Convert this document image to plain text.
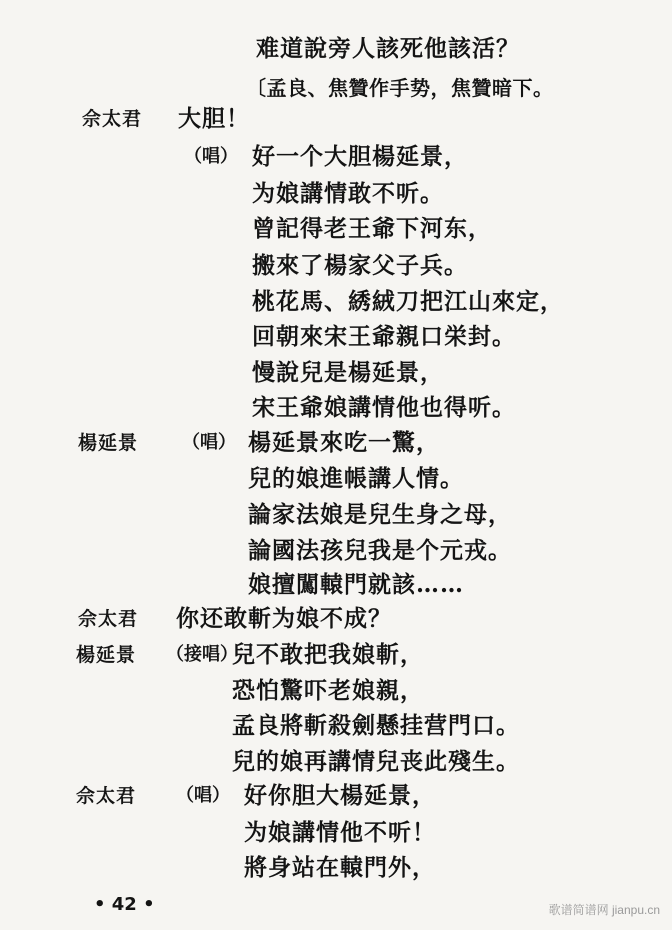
难道說旁人該死他該活？
〔孟良、焦贊作手势，焦贊暗下。
佘太君 大胆！
（唱） 好一个大胆楊延景，
为娘講情敢不听。
曾記得老王爺下河东，
搬來了楊家父子兵。
桃花馬、綉絨刀把江山來定，
回朝來宋王爺親口栄封。
慢說兒是楊延景，
宋王爺娘講情他也得听。
楊延景 （唱） 楊延景來吃一驚，
兒的娘進帳講人情。
論家法娘是兒生身之母，
論國法孩兒我是个元戎。
娘擅闖轅門就該……
佘太君 你还敢斬为娘不成？
楊延景 （接唱）
兒不敢把我娘斬，
恐怕驚吓老娘親，
孟良將斬殺劍懸挂营門口。
兒的娘再講情兒丧此殘生。
佘太君 （唱） 好你胆大楊延景，
为娘講情他不听！
將身站在轅門外，
• 42 •	歌谱简谱网 jianpu.cn
